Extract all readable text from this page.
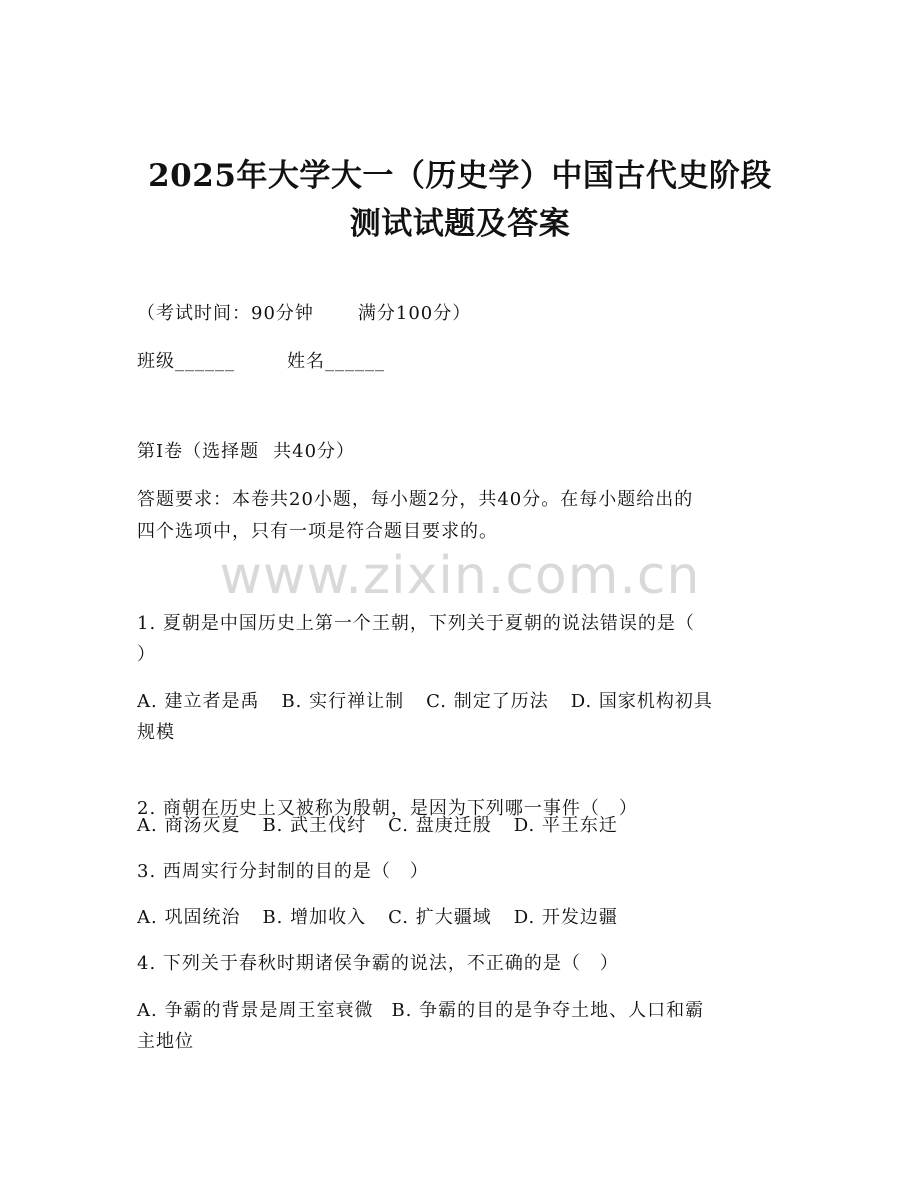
2025年大学大一（历史学）中国古代史阶段
测试试题及答案
（考试时间：90分钟 满分100分）
班级______	姓名______
第Ⅰ卷（选择题 共40分）
答题要求：本卷共20小题，每小题2分，共40分。在每小题给出的
四个选项中，只有一项是符合题目要求的。
www.zixin.com.cn
1. 夏朝是中国历史上第一个王朝，下列关于夏朝的说法错误的是（
）
A. 建立者是禹 B. 实行禅让制 C. 制定了历法 D. 国家机构初具
规模
2. 商朝在历史上又被称为殷朝，是因为下列哪一事件（　）
A. 商汤灭夏 B. 武王伐纣 C. 盘庚迁殷 D. 平王东迁
3. 西周实行分封制的目的是（　）
A. 巩固统治 B. 增加收入 C. 扩大疆域 D. 开发边疆
4. 下列关于春秋时期诸侯争霸的说法，不正确的是（　）
A. 争霸的背景是周王室衰微 B. 争霸的目的是争夺土地、人口和霸
主地位
